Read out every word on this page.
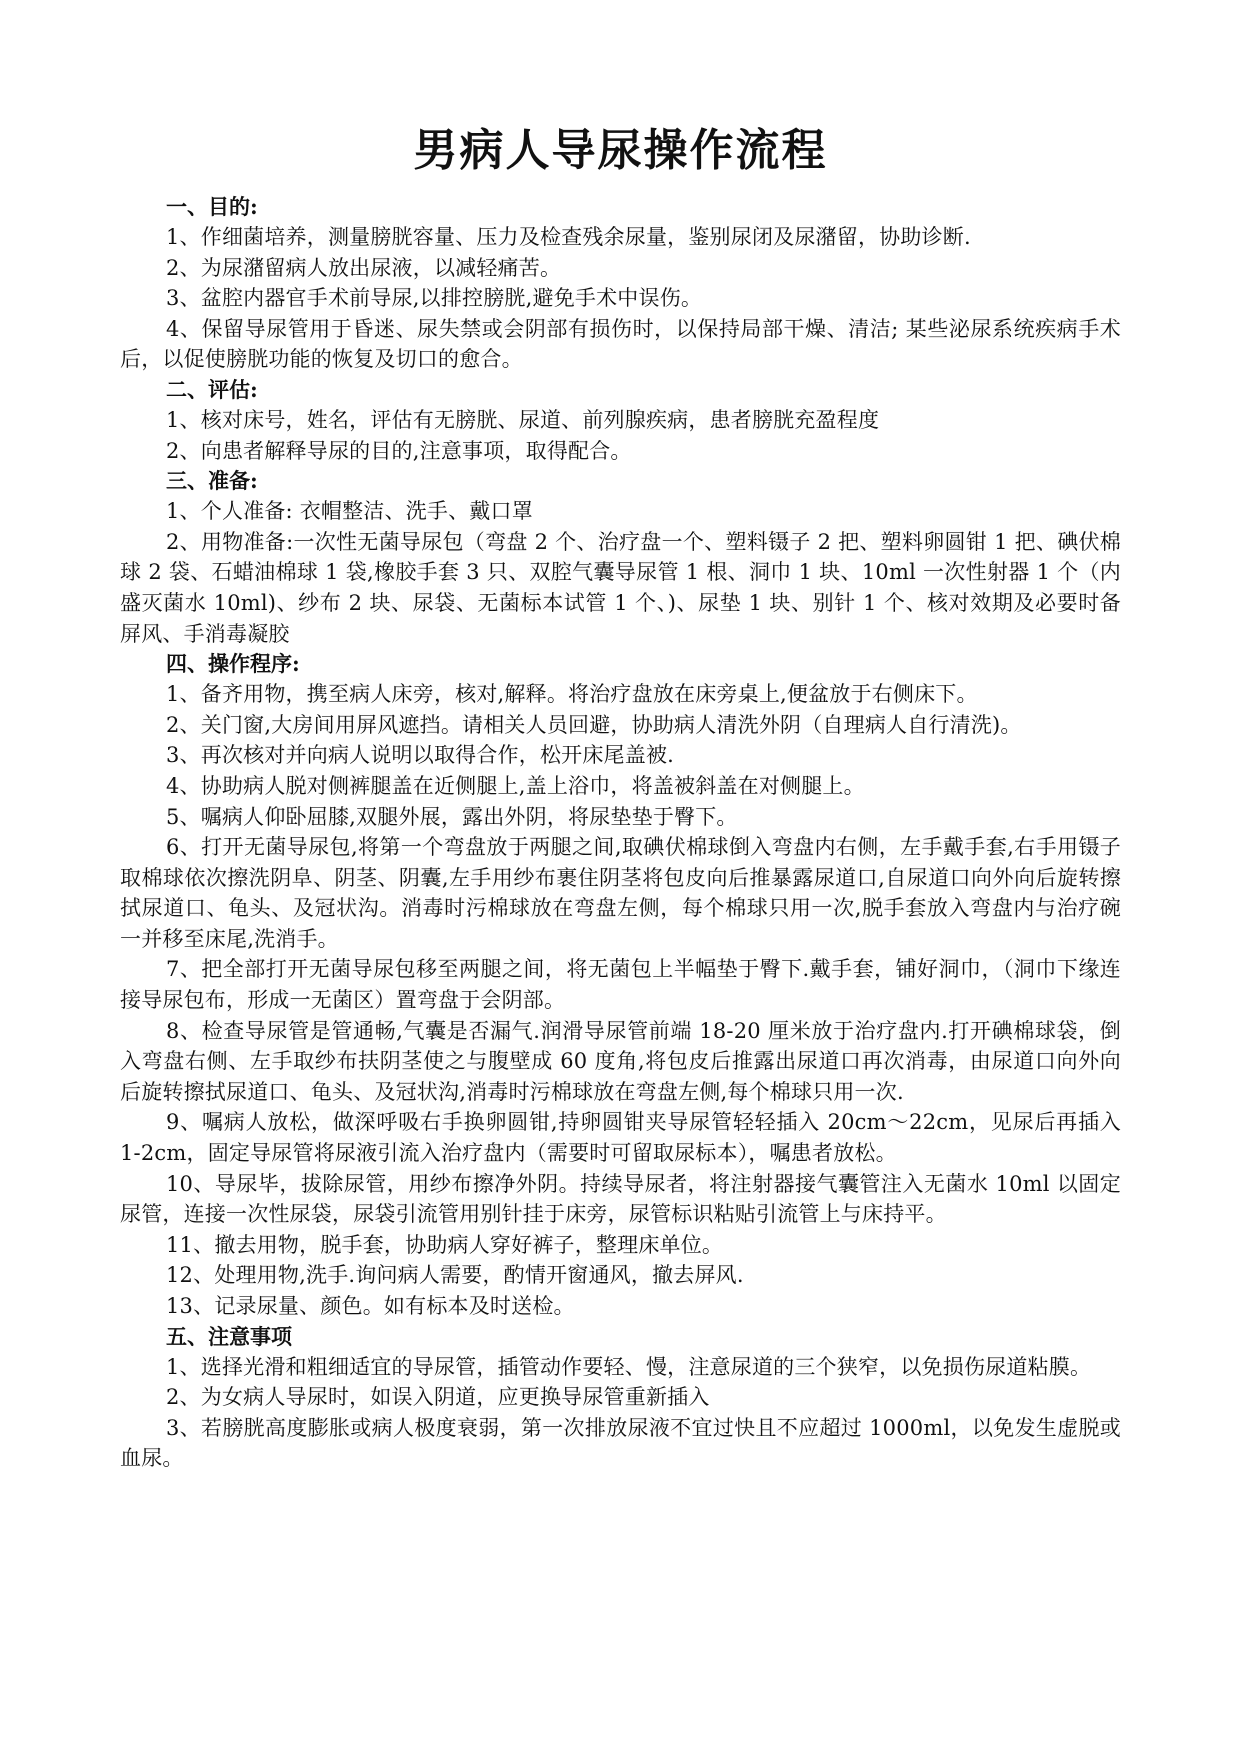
男病人导尿操作流程
一、目的:

1、作细菌培养，测量膀胱容量、压力及检查残余尿量，鉴别尿闭及尿潴留，协助诊断.

2、为尿潴留病人放出尿液，以减轻痛苦。

3、盆腔内器官手术前导尿,以排控膀胱,避免手术中误伤。

4、保留导尿管用于昏迷、尿失禁或会阴部有损伤时，以保持局部干燥、清洁; 某些泌尿系统疾病手术后，以促使膀胱功能的恢复及切口的愈合。

二、评估:

1、核对床号，姓名，评估有无膀胱、尿道、前列腺疾病，患者膀胱充盈程度

2、向患者解释导尿的目的,注意事项，取得配合。

三、准备:

1、个人准备: 衣帽整洁、洗手、戴口罩

2、用物准备:一次性无菌导尿包（弯盘 2 个、治疗盘一个、塑料镊子 2 把、塑料卵圆钳 1 把、碘伏棉球 2 袋、石蜡油棉球 1 袋,橡胶手套 3 只、双腔气囊导尿管 1 根、洞巾 1 块、10ml 一次性射器 1 个（内盛灭菌水 10ml)、纱布 2 块、尿袋、无菌标本试管 1 个、)、尿垫 1 块、别针 1 个、核对效期及必要时备屏风、手消毒凝胶

四、操作程序:

1、备齐用物，携至病人床旁，核对,解释。将治疗盘放在床旁桌上,便盆放于右侧床下。

2、关门窗,大房间用屏风遮挡。请相关人员回避，协助病人清洗外阴（自理病人自行清洗)。

3、再次核对并向病人说明以取得合作，松开床尾盖被.

4、协助病人脱对侧裤腿盖在近侧腿上,盖上浴巾，将盖被斜盖在对侧腿上。

5、嘱病人仰卧屈膝,双腿外展，露出外阴，将尿垫垫于臀下。

6、打开无菌导尿包,将第一个弯盘放于两腿之间,取碘伏棉球倒入弯盘内右侧，左手戴手套,右手用镊子取棉球依次擦洗阴阜、阴茎、阴囊,左手用纱布裹住阴茎将包皮向后推暴露尿道口,自尿道口向外向后旋转擦拭尿道口、龟头、及冠状沟。消毒时污棉球放在弯盘左侧，每个棉球只用一次,脱手套放入弯盘内与治疗碗一并移至床尾,洗消手。

7、把全部打开无菌导尿包移至两腿之间，将无菌包上半幅垫于臀下.戴手套，铺好洞巾，（洞巾下缘连接导尿包布，形成一无菌区）置弯盘于会阴部。

8、检查导尿管是管通畅,气囊是否漏气.润滑导尿管前端 18-20 厘米放于治疗盘内.打开碘棉球袋，倒入弯盘右侧、左手取纱布扶阴茎使之与腹壁成 60 度角,将包皮后推露出尿道口再次消毒，由尿道口向外向后旋转擦拭尿道口、龟头、及冠状沟,消毒时污棉球放在弯盘左侧,每个棉球只用一次.

9、嘱病人放松，做深呼吸右手换卵圆钳,持卵圆钳夹导尿管轻轻插入 20cm～22cm，见尿后再插入 1-2cm，固定导尿管将尿液引流入治疗盘内（需要时可留取尿标本），嘱患者放松。

10、导尿毕，拔除尿管，用纱布擦净外阴。持续导尿者，将注射器接气囊管注入无菌水 10ml 以固定尿管，连接一次性尿袋，尿袋引流管用别针挂于床旁，尿管标识粘贴引流管上与床持平。

11、撤去用物，脱手套，协助病人穿好裤子，整理床单位。

12、处理用物,洗手.询问病人需要，酌情开窗通风，撤去屏风.

13、记录尿量、颜色。如有标本及时送检。

五、注意事项

1、选择光滑和粗细适宜的导尿管，插管动作要轻、慢，注意尿道的三个狭窄，以免损伤尿道粘膜。

2、为女病人导尿时，如误入阴道，应更换导尿管重新插入

3、若膀胱高度膨胀或病人极度衰弱，第一次排放尿液不宜过快且不应超过 1000ml，以免发生虚脱或血尿。
